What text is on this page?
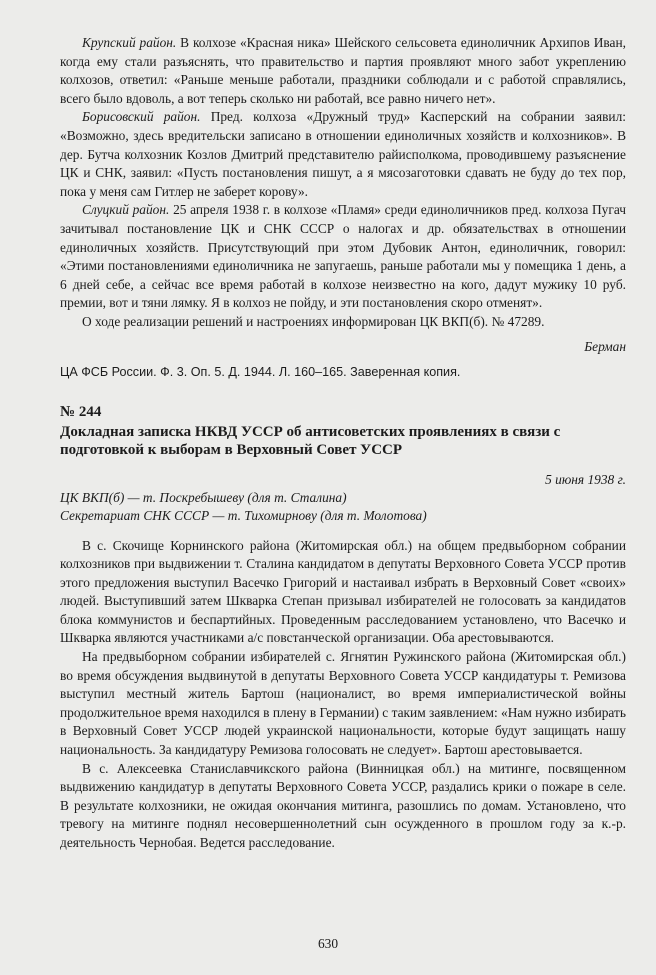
Крупский район. В колхозе «Красная ника» Шейского сельсовета единоличник Архипов Иван, когда ему стали разъяснять, что правительство и партия проявляют много забот укреплению колхозов, ответил: «Раньше меньше работали, праздники соблюдали и с работой справлялись, всего было вдоволь, а вот теперь сколько ни работай, все равно ничего нет».

Борисовский район. Пред. колхоза «Дружный труд» Касперский на собрании заявил: «Возможно, здесь вредительски записано в отношении единоличных хозяйств и колхозников». В дер. Бутча колхозник Козлов Дмитрий представителю райисполкома, проводившему разъяснение ЦК и СНК, заявил: «Пусть постановления пишут, а я мясозаготовки сдавать не буду до тех пор, пока у меня сам Гитлер не заберет корову».

Слуцкий район. 25 апреля 1938 г. в колхозе «Пламя» среди единоличников пред. колхоза Пугач зачитывал постановление ЦК и СНК СССР о налогах и др. обязательствах в отношении единоличных хозяйств. Присутствующий при этом Дубовик Антон, единоличник, говорил: «Этими постановлениями единоличника не запугаешь, раньше работали мы у помещика 1 день, а 6 дней себе, а сейчас все время работай в колхозе неизвестно на кого, дадут мужику 10 руб. премии, вот и тяни лямку. Я в колхоз не пойду, и эти постановления скоро отменят».

О ходе реализации решений и настроениях информирован ЦК ВКП(б). № 47289.

Берман

ЦА ФСБ России. Ф. 3. Оп. 5. Д. 1944. Л. 160–165. Заверенная копия.

№ 244

Докладная записка НКВД УССР об антисоветских проявлениях в связи с подготовкой к выборам в Верховный Совет УССР

5 июня 1938 г.

ЦК ВКП(б) — т. Поскребышеву (для т. Сталина)

Секретариат СНК СССР — т. Тихомирнову (для т. Молотова)

В с. Скочище Корнинского района (Житомирская обл.) на общем предвыборном собрании колхозников при выдвижении т. Сталина кандидатом в депутаты Верховного Совета УССР против этого предложения выступил Васечко Григорий и настаивал избрать в Верховный Совет «своих» людей. Выступивший затем Шкварка Степан призывал избирателей не голосовать за кандидатов блока коммунистов и беспартийных. Проведенным расследованием установлено, что Васечко и Шкварка являются участниками а/с повстанческой организации. Оба арестовываются.

На предвыборном собрании избирателей с. Ягнятин Ружинского района (Житомирская обл.) во время обсуждения выдвинутой в депутаты Верховного Совета УССР кандидатуры т. Ремизова выступил местный житель Бартош (националист, во время империалистической войны продолжительное время находился в плену в Германии) с таким заявлением: «Нам нужно избирать в Верховный Совет УССР людей украинской национальности, которые будут защищать нашу национальность. За кандидатуру Ремизова голосовать не следует». Бартош арестовывается.

В с. Алексеевка Станиславчикского района (Винницкая обл.) на митинге, посвященном выдвижению кандидатур в депутаты Верховного Совета УССР, раздались крики о пожаре в селе. В результате колхозники, не ожидая окончания митинга, разошлись по домам. Установлено, что тревогу на митинге поднял несовершеннолетний сын осужденного в прошлом году за к.-р. деятельность Чернобая. Ведется расследование.

630
